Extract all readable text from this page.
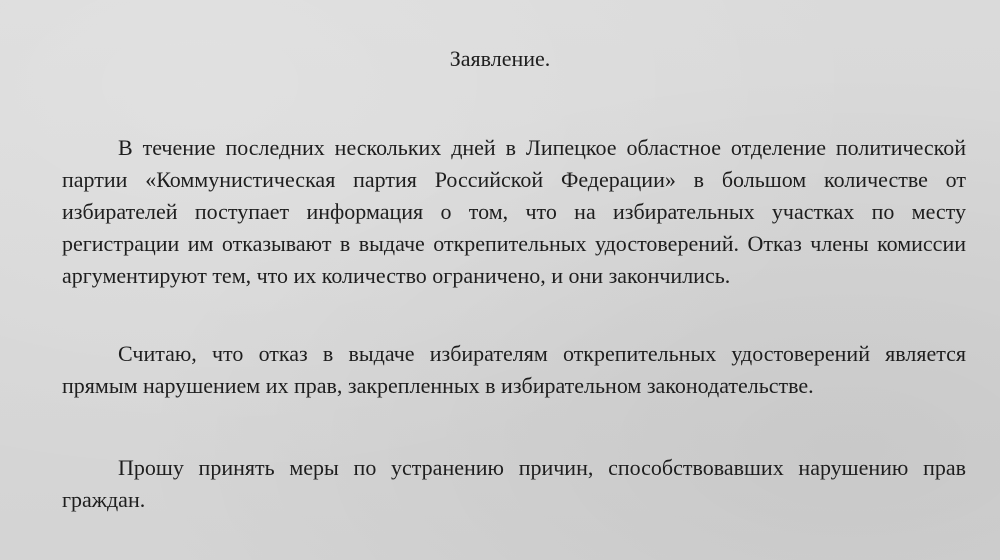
Заявление.

В течение последних нескольких дней в Липецкое областное отделение политической партии «Коммунистическая партия Российской Федерации» в большом количестве от избирателей поступает информация о том, что на избирательных участках по месту регистрации им отказывают в выдаче открепительных удостоверений. Отказ члены комиссии аргументируют тем, что их количество ограничено, и они закончились.

Считаю, что отказ в выдаче избирателям открепительных удостоверений является прямым нарушением их прав, закрепленных в избирательном законодательстве.

Прошу принять меры по устранению причин, способствовавших нарушению прав граждан.
